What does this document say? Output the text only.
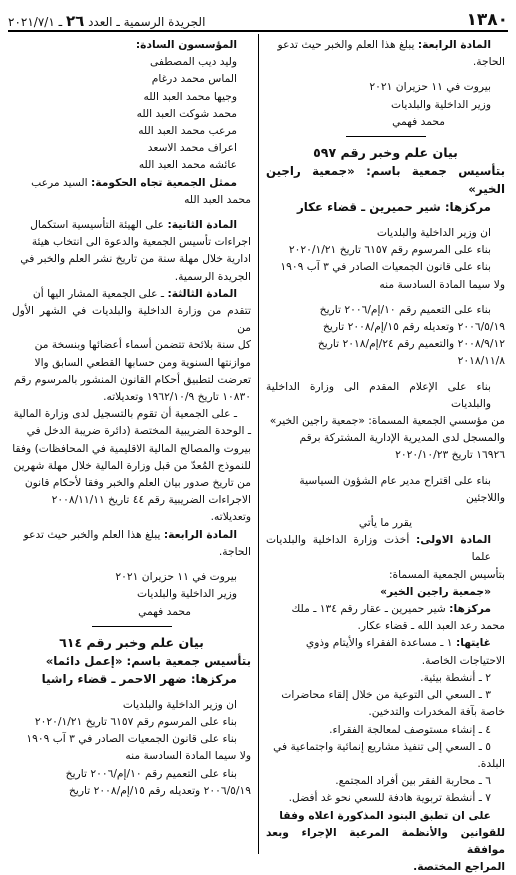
١٣٨٠
الجريدة الرسمية ـ العدد ٢٦ ـ ٢٠٢١/٧/١

المادة الرابعة: يبلغ هذا العلم والخبر حيث تدعو

الحاجة.

بيروت في ١١ حزيران ٢٠٢١

وزير الداخلية والبلديات

محمد فهمي

بيان علم وخبر رقم ٥٩٧

بتأسيس جمعية باسم: «جمعية راجين الخير»

مركزها: شير حميرين ـ قضاء عكار

ان وزير الداخلية والبلديات

بناء على المرسوم رقم ٦١٥٧ تاريخ ٢٠٢٠/١/٢١

بناء على قانون الجمعيات الصادر في ٣ آب ١٩٠٩

ولا سيما المادة السادسة منه

بناء على التعميم رقم ١٠/إم/٢٠٠٦ تاريخ

٢٠٠٦/٥/١٩ وتعديله رقم ١٥/إم/٢٠٠٨ تاريخ

٢٠٠٨/٩/١٢ والتعميم رقم ٢٤/إم/٢٠١٨ تاريخ

٢٠١٨/١١/٨

بناء على الإعلام المقدم الى وزارة الداخلية والبلديات

من مؤسسي الجمعية المسماة: «جمعية راجين الخير»

والمسجل لدى المديرية الإدارية المشتركة برقم

١٦٩٢٦ تاريخ ٢٠٢٠/١٠/٢٣

بناء على اقتراح مدير عام الشؤون السياسية

واللاجئين

يقرر ما يأتي

المادة الاولى: أخذت وزارة الداخلية والبلديات علما

بتأسيس الجمعية المسماة:

«جمعية راجين الخير»

مركزها: شير حميرين ـ عقار رقم ١٣٤ ـ ملك

محمد رعد العبد الله ـ قضاء عكار.

غايتها: ١ ـ مساعدة الفقراء والأيتام وذوي

الاحتياجات الخاصة.

٢ ـ أنشطة بيئية.

٣ ـ السعي الى التوعية من خلال إلقاء محاضرات

خاصة بآفة المخدرات والتدخين.

٤ ـ إنشاء مستوصف لمعالجة الفقراء.

٥ ـ السعي إلى تنفيذ مشاريع إنمائية واجتماعية في

البلدة.

٦ ـ محاربة الفقر بين أفراد المجتمع.

٧ ـ أنشطة تربوية هادفة للسعي نحو غد أفضل.

على ان تطبق البنود المذكورة اعلاه وفقا

للقوانين والأنظمة المرعية الإجراء وبعد موافقة

المراجع المختصة.

المؤسسون السادة:

وليد ديب المصطفى

الماس محمد درغام

وجيها محمد العبد الله

محمد شوكت العبد الله

مرعب محمد العبد الله

اعراف محمد الاسعد

عائشه محمد العبد الله

ممثل الجمعية تجاه الحكومة: السيد مرعب

محمد العبد الله

المادة الثانية: على الهيئة التأسيسية استكمال

اجراءات تأسيس الجمعية والدعوة الى انتخاب هيئة

ادارية خلال مهلة سنة من تاريخ نشر العلم والخبر في

الجريدة الرسمية.

المادة الثالثة: ـ على الجمعية المشار اليها أن

تتقدم من وزارة الداخلية والبلديات في الشهر الأول من

كل سنة بلائحة تتضمن أسماء أعضائها وبنسخة من

موازنتها السنوية ومن حسابها القطعي السابق والا

تعرضت لتطبيق أحكام القانون المنشور بالمرسوم رقم

١٠٨٣٠ تاريخ ١٩٦٢/١٠/٩ وتعديلاته.

ـ على الجمعية أن تقوم بالتسجيل لدى وزارة المالية

ـ الوحدة الضريبية المختصة (دائرة ضريبة الدخل في

بيروت والمصالح المالية الاقليمية في المحافظات) وفقا

للنموذج المُعدّ من قبل وزارة المالية خلال مهلة شهرين

من تاريخ صدور بيان العلم والخبر وفقا لأحكام قانون

الاجراءات الضريبية رقم ٤٤ تاريخ ٢٠٠٨/١١/١١

وتعديلاته.

المادة الرابعة: يبلغ هذا العلم والخبر حيث تدعو

الحاجة.

بيروت في ١١ حزيران ٢٠٢١

وزير الداخلية والبلديات

محمد فهمي

بيان علم وخبر رقم ٦١٤

بتأسيس جمعية باسم: «إعمل دائما»

مركزها: ضهر الاحمر ـ قضاء راشيا

ان وزير الداخلية والبلديات

بناء على المرسوم رقم ٦١٥٧ تاريخ ٢٠٢٠/١/٢١

بناء على قانون الجمعيات الصادر في ٣ آب ١٩٠٩

ولا سيما المادة السادسة منه

بناء على التعميم رقم ١٠/إم/٢٠٠٦ تاريخ

٢٠٠٦/٥/١٩ وتعديله رقم ١٥/إم/٢٠٠٨ تاريخ
